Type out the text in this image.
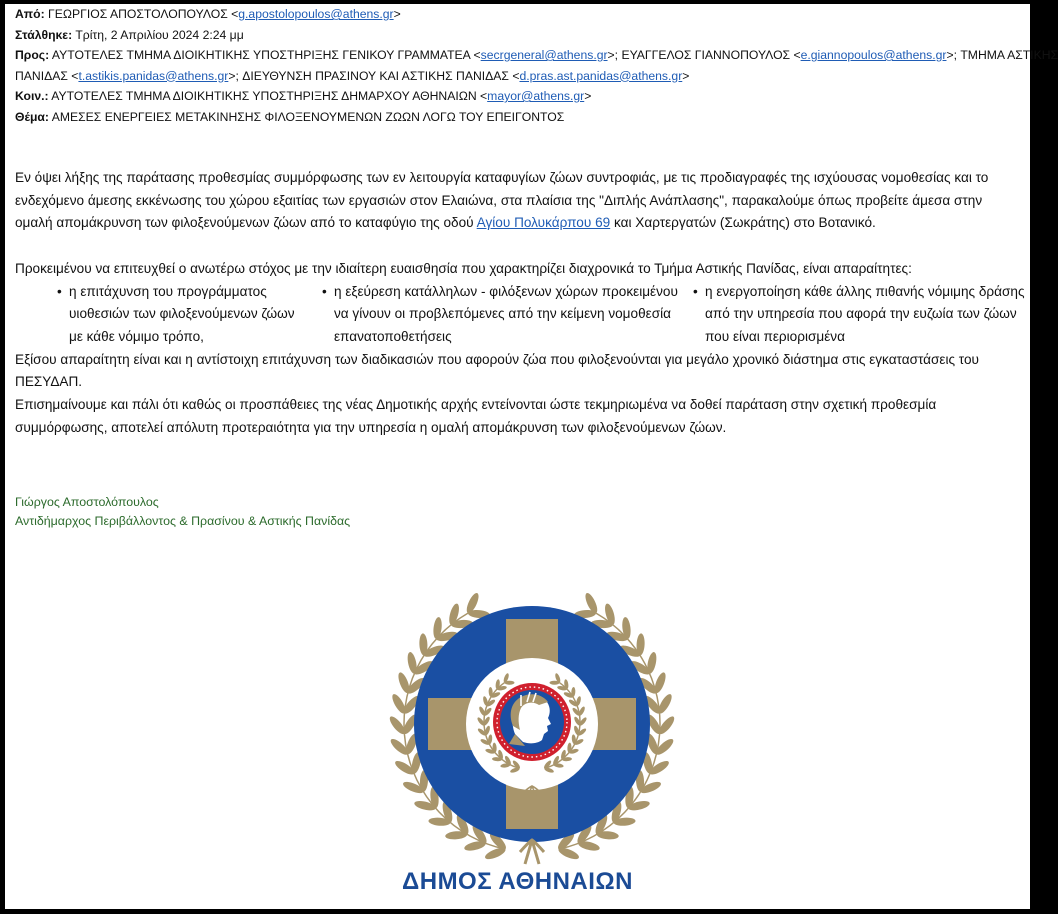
Από: ΓΕΩΡΓΙΟΣ ΑΠΟΣΤΟΛΟΠΟΥΛΟΣ <g.apostolopoulos@athens.gr>
Στάλθηκε: Τρίτη, 2 Απριλίου 2024 2:24 μμ
Προς: ΑΥΤΟΤΕΛΕΣ ΤΜΗΜΑ ΔΙΟΙΚΗΤΙΚΗΣ ΥΠΟΣΤΗΡΙΞΗΣ ΓΕΝΙΚΟΥ ΓΡΑΜΜΑΤΕΑ <secrgeneral@athens.gr>; ΕΥΑΓΓΕΛΟΣ ΓΙΑΝΝΟΠΟΥΛΟΣ <e.giannopoulos@athens.gr>; ΤΜΗΜΑ ΑΣΤΙΚΗΣ
ΠΑΝΙΔΑΣ <t.astikis.panidas@athens.gr>; ΔΙΕΥΘΥΝΣΗ ΠΡΑΣΙΝΟΥ ΚΑΙ ΑΣΤΙΚΗΣ ΠΑΝΙΔΑΣ <d.pras.ast.panidas@athens.gr>
Κοιν.: ΑΥΤΟΤΕΛΕΣ ΤΜΗΜΑ ΔΙΟΙΚΗΤΙΚΗΣ ΥΠΟΣΤΗΡΙΞΗΣ ΔΗΜΑΡΧΟΥ ΑΘΗΝΑΙΩΝ <mayor@athens.gr>
Θέμα: ΑΜΕΣΕΣ ΕΝΕΡΓΕΙΕΣ ΜΕΤΑΚΙΝΗΣΗΣ ΦΙΛΟΞΕΝΟΥΜΕΝΩΝ ΖΩΩΝ ΛΟΓΩ ΤΟΥ ΕΠΕΙΓΟΝΤΟΣ
Εν όψει λήξης της παράτασης προθεσμίας συμμόρφωσης των εν λειτουργία καταφυγίων ζώων συντροφιάς, με τις προδιαγραφές της ισχύουσας νομοθεσίας και το
ενδεχόμενο άμεσης εκκένωσης του χώρου εξαιτίας των εργασιών στον Ελαιώνα, στα πλαίσια της "Διπλής Ανάπλασης", παρακαλούμε όπως προβείτε άμεσα στην
ομαλή απομάκρυνση των φιλοξενούμενων ζώων από το καταφύγιο της οδού Αγίου Πολυκάρπου 69 και Χαρτεργατών (Σωκράτης) στο Βοτανικό.
Προκειμένου να επιτευχθεί ο ανωτέρω στόχος με την ιδιαίτερη ευαισθησία που χαρακτηρίζει διαχρονικά το Τμήμα Αστικής Πανίδας, είναι απαραίτητες:
• η επιτάχυνση του προγράμματος
υιοθεσιών των φιλοξενούμενων ζώων
με κάθε νόμιμο τρόπο,
• η εξεύρεση κατάλληλων - φιλόξενων χώρων προκειμένου
να γίνουν οι προβλεπόμενες από την κείμενη νομοθεσία
επανατοποθετήσεις
• η ενεργοποίηση κάθε άλλης πιθανής νόμιμης δράσης
από την υπηρεσία που αφορά την ευζωία των ζώων
που είναι περιορισμένα
Εξίσου απαραίτητη είναι και η αντίστοιχη επιτάχυνση των διαδικασιών που αφορούν ζώα που φιλοξενούνται για μεγάλο χρονικό διάστημα στις εγκαταστάσεις του
ΠΕΣΥΔΑΠ.
Επισημαίνουμε και πάλι ότι καθώς οι προσπάθειες της νέας Δημοτικής αρχής εντείνονται ώστε τεκμηριωμένα να δοθεί παράταση στην σχετική προθεσμία
συμμόρφωσης, αποτελεί απόλυτη προτεραιότητα για την υπηρεσία η ομαλή απομάκρυνση των φιλοξενούμενων ζώων.
Γιώργος Αποστολόπουλος
Αντιδήμαρχος Περιβάλλοντος & Πρασίνου & Αστικής Πανίδας
ΔΗΜΟΣ ΑΘΗΝΑΙΩΝ
